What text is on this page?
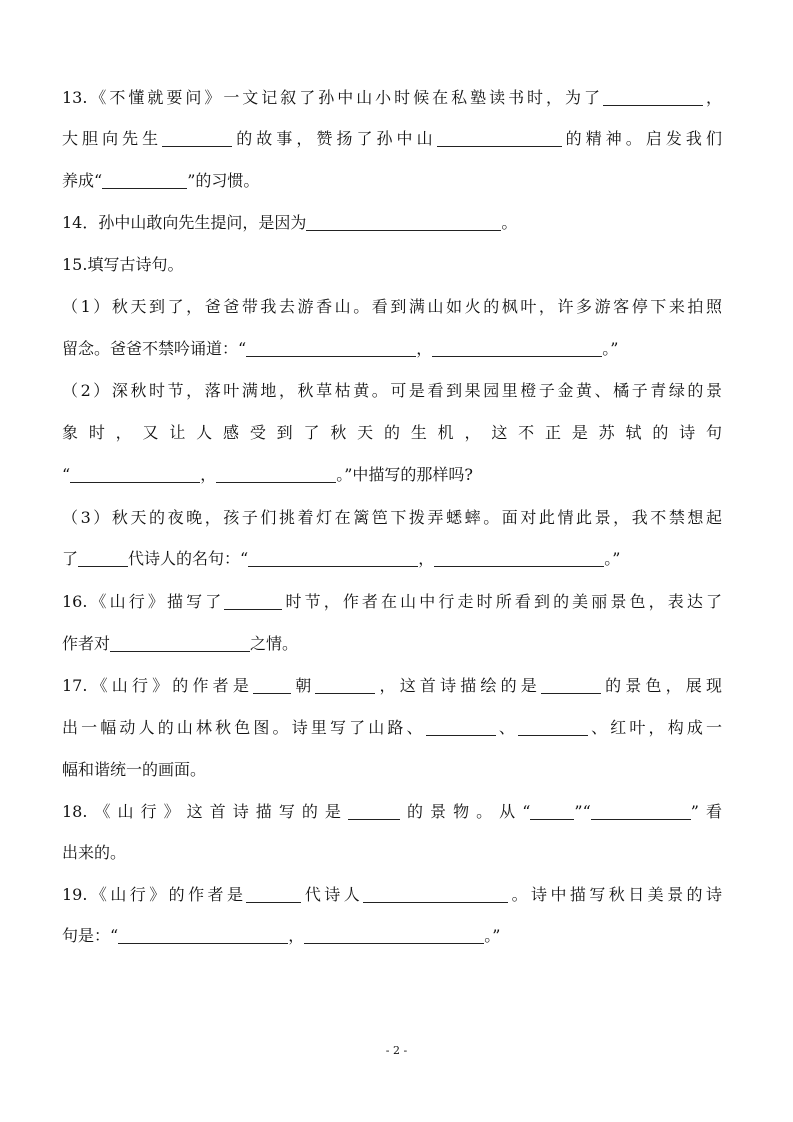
13.《不懂就要问》一文记叙了孙中山小时候在私塾读书时，为了	，
大胆向先生	的故事，赞扬了孙中山	的精神。启发我们
养成“	”的习惯。
14．孙中山敢向先生提问，是因为	。
15.填写古诗句。
（1）秋天到了，爸爸带我去游香山。看到满山如火的枫叶，许多游客停下来拍照
留念。爸爸不禁吟诵道：“	，	。”
（2）深秋时节，落叶满地，秋草枯黄。可是看到果园里橙子金黄、橘子青绿的景
象 时 ， 又 让 人 感 受 到 了 秋 天 的 生 机 ， 这 不 正 是 苏 轼 的 诗 句
“	，	。”中描写的那样吗?
（3）秋天的夜晚，孩子们挑着灯在篱笆下拨弄蟋蟀。面对此情此景，我不禁想起
了	代诗人的名句：“	，	。”
16.《山行》描写了	时节，作者在山中行走时所看到的美丽景色，表达了
作者对	之情。
17.《山行》的作者是 朝	，这首诗描绘的是	的景色，展现
出一幅动人的山林秋色图。诗里写了山路、	、	、红叶，构成一
幅和谐统一的画面。
18.《山行》这首诗描写的是	的景物。从“	”“	”看
出来的。
19.《山行》的作者是	代诗人	。诗中描写秋日美景的诗
句是：“	，	。”
- 2 -
